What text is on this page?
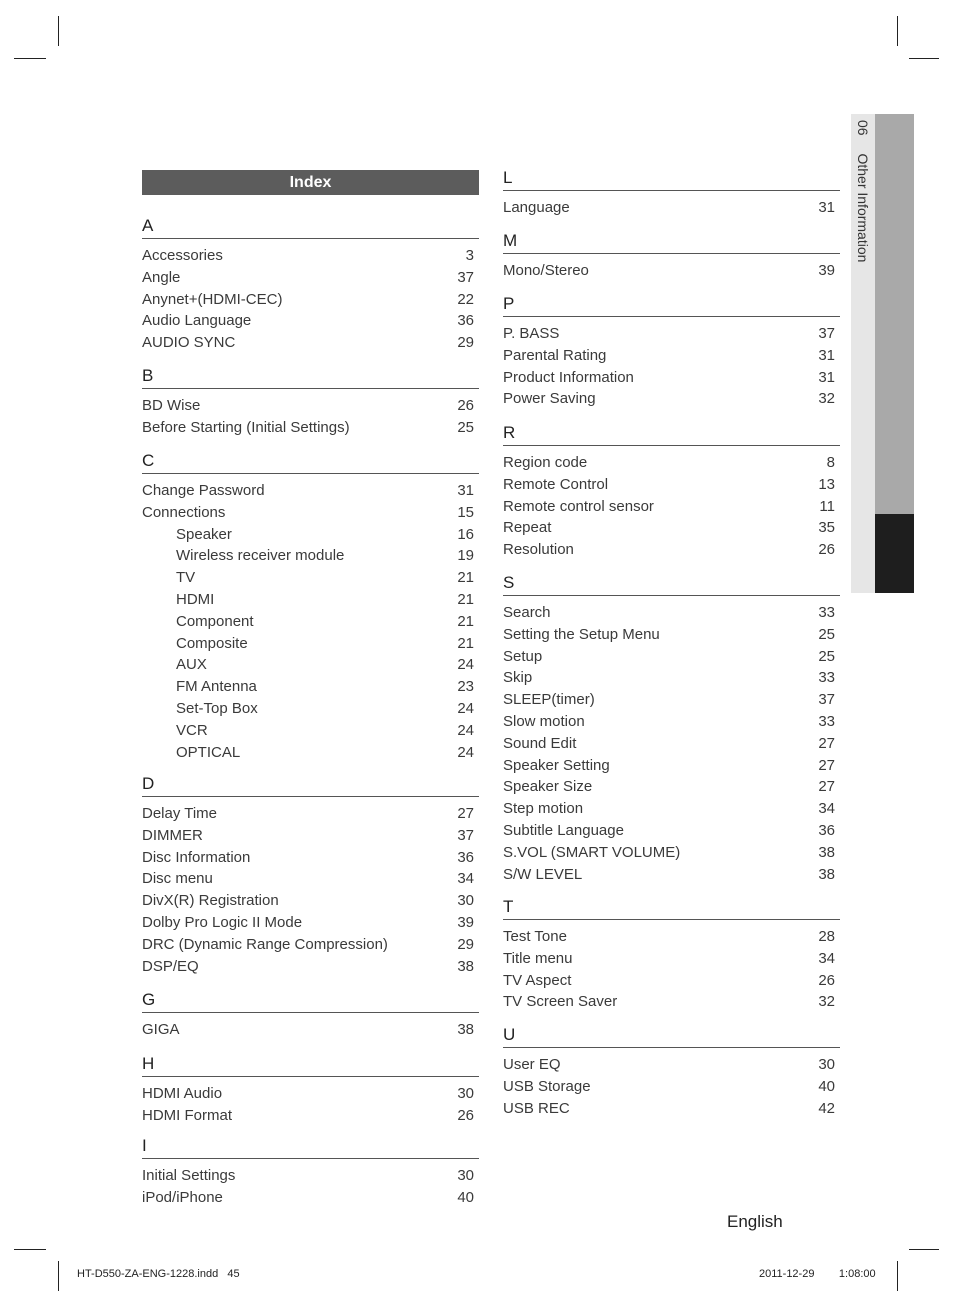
06 Other Information
Index
A
Accessories	3
Angle	37
Anynet+(HDMI-CEC)	22
Audio Language	36
AUDIO SYNC	29
B
BD Wise	26
Before Starting (Initial Settings)	25
C
Change Password	31
Connections	15
Speaker	16
Wireless receiver module	19
TV	21
HDMI	21
Component	21
Composite	21
AUX	24
FM Antenna	23
Set-Top Box	24
VCR	24
OPTICAL	24
D
Delay Time	27
DIMMER	37
Disc Information	36
Disc menu	34
DivX(R) Registration	30
Dolby Pro Logic II Mode	39
DRC (Dynamic Range Compression)	29
DSP/EQ	38
G
GIGA	38
H
HDMI Audio	30
HDMI Format	26
I
Initial Settings	30
iPod/iPhone	40
L
Language	31
M
Mono/Stereo	39
P
P. BASS	37
Parental Rating	31
Product Information	31
Power Saving	32
R
Region code	8
Remote Control	13
Remote control sensor	11
Repeat	35
Resolution	26
S
Search	33
Setting the Setup Menu	25
Setup	25
Skip	33
SLEEP(timer)	37
Slow motion	33
Sound Edit	27
Speaker Setting	27
Speaker Size	27
Step motion	34
Subtitle Language	36
S.VOL (SMART VOLUME)	38
S/W LEVEL	38
T
Test Tone	28
Title menu	34
TV Aspect	26
TV Screen Saver	32
U
User EQ	30
USB Storage	40
USB REC	42
English
HT-D550-ZA-ENG-1228.indd 45	2011-12-29 1:08:00
